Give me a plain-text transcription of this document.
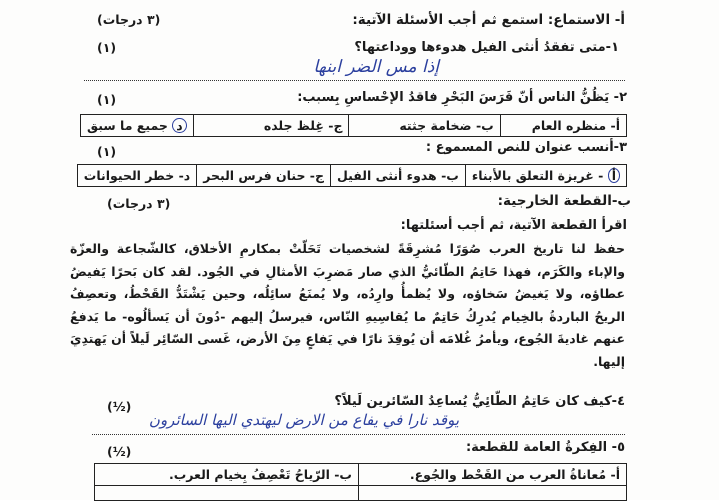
أ- الاستماع: استمع ثم أجب الأسئلة الآتية:
(٣ درجات)
١-متى تفقدُ أنثى الفيل هدوءها ووداعتها؟
(١)
إذا مس الضر ابنها
٢- يَظُنُّ الناس أنّ فَرَسَ البَحْرِ فاقدُ الإحْساسِ بِسبب:
(١)
أ- منظره العام	ب- ضخامة جثته	ج- غِلظ جلده	د جميع ما سبق
٣-أنسب عنوان للنص المسموع :
(١)
أ - غريزة التعلق بالأبناء	ب- هدوء أنثى الفيل	ج- حنان فرس البحر	د- خطر الحيوانات
ب-القطعة الخارجية:
(٣ درجات)
اقرأ القطعة الآتية، ثم أجب أسئلتها:
حفظ لنا تاريخ العرب صُوَرًا مُشرِقَةً لشخصيات تَحَلّتْ بمكارمِ الأخلاق، كالشّجاعة والعزّة والإباء والكَرَم، فهذا حَاتِمُ الطّائيُّ الذي صار مَضرِبَ الأمثالِ في الجُود. لقد كان بَحرًا يَفيضُ عطاؤه، ولا يَغيضُ سَخاؤه، ولا يُظمأُ وارِدُه، ولا يُمنَعُ سائِلُه، وحين يَشْتَدُّ القَحْطُ، وتعصِفُ الريحُ الباردةُ بالخِيام يُدرِكُ حَاتِمٌ ما يُقاسِيهِ النّاس، فيرسلُ إليهم -دُونَ أن يَسألُوه- ما يَدفعُ عنهم غاديةَ الجُوع، ويأمرُ غُلامَه أن يُوقِدَ نارًا في يَفاعٍ مِنَ الأرض، غَسى السّائِر لَيلاً أن يَهتدِيَ إليها.
٤-كيف كان حَاتِمُ الطّائِيُّ يُساعِدُ السّائرين لَيلاً؟
(½)
يوقد نارا في يفاع من الارض ليهتدي اليها السائرون
٥- الفِكرةُ العامة للقطعة:
(½)
أ- مُعاناةُ العرب من القَحْط والجُوع.	ب- الرّياحُ تَعْصِفُ بِخيام العرب.
